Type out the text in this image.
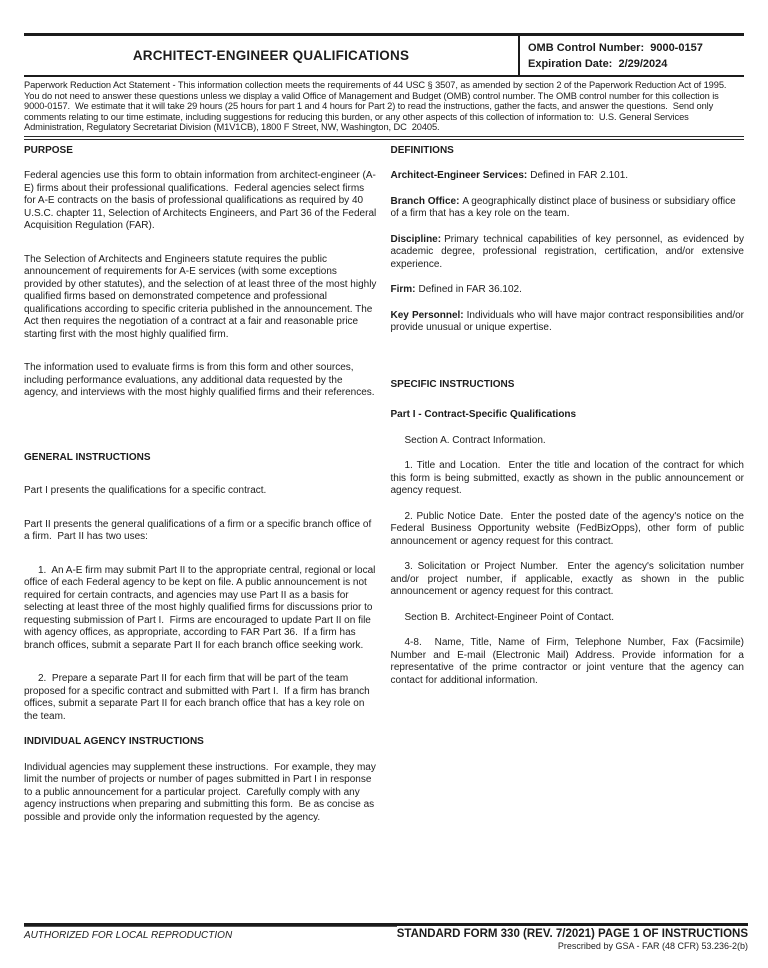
ARCHITECT-ENGINEER QUALIFICATIONS
OMB Control Number:  9000-0157
Expiration Date:  2/29/2024
Paperwork Reduction Act Statement - This information collection meets the requirements of 44 USC § 3507, as amended by section 2 of the Paperwork Reduction Act of 1995.  You do not need to answer these questions unless we display a valid Office of Management and Budget (OMB) control number. The OMB control number for this collection is 9000-0157.  We estimate that it will take 29 hours (25 hours for part 1 and 4 hours for Part 2) to read the instructions, gather the facts, and answer the questions.  Send only comments relating to our time estimate, including suggestions for reducing this burden, or any other aspects of this collection of information to:  U.S. General Services Administration, Regulatory Secretariat Division (M1V1CB), 1800 F Street, NW, Washington, DC  20405.
PURPOSE

Federal agencies use this form to obtain information from architect-engineer (A-E) firms about their professional qualifications.  Federal agencies select firms for A-E contracts on the basis of professional qualifications as required by 40 U.S.C. chapter 11, Selection of Architects Engineers, and Part 36 of the Federal Acquisition Regulation (FAR).

The Selection of Architects and Engineers statute requires the public announcement of requirements for A-E services (with some exceptions provided by other statutes), and the selection of at least three of the most highly qualified firms based on demonstrated competence and professional qualifications according to specific criteria published in the announcement. The Act then requires the negotiation of a contract at a fair and reasonable price starting first with the most highly qualified firm.

The information used to evaluate firms is from this form and other sources, including performance evaluations, any additional data requested by the agency, and interviews with the most highly qualified firms and their references.

GENERAL INSTRUCTIONS

Part I presents the qualifications for a specific contract.

Part II presents the general qualifications of a firm or a specific branch office of a firm.  Part II has two uses:

1.  An A-E firm may submit Part II to the appropriate central, regional or local office of each Federal agency to be kept on file. A public announcement is not required for certain contracts, and agencies may use Part II as a basis for selecting at least three of the most highly qualified firms for discussions prior to requesting submission of Part I.  Firms are encouraged to update Part II on file with agency offices, as appropriate, according to FAR Part 36.  If a firm has branch offices, submit a separate Part II for each branch office seeking work.

2.  Prepare a separate Part II for each firm that will be part of the team proposed for a specific contract and submitted with Part I.  If a firm has branch offices, submit a separate Part II for each branch office that has a key role on the team.

INDIVIDUAL AGENCY INSTRUCTIONS

Individual agencies may supplement these instructions.  For example, they may limit the number of projects or number of pages submitted in Part I in response to a public announcement for a particular project.  Carefully comply with any agency instructions when preparing and submitting this form.  Be as concise as possible and provide only the information requested by the agency.

DEFINITIONS

Architect-Engineer Services: Defined in FAR 2.101.

Branch Office: A geographically distinct place of business or subsidiary office of a firm that has a key role on the team.

Discipline: Primary technical capabilities of key personnel, as evidenced by academic degree, professional registration, certification, and/or extensive experience.

Firm: Defined in FAR 36.102.

Key Personnel: Individuals who will have major contract responsibilities and/or provide unusual or unique expertise.

SPECIFIC INSTRUCTIONS
Part I - Contract-Specific Qualifications

Section A. Contract Information.

1. Title and Location.  Enter the title and location of the contract for which this form is being submitted, exactly as shown in the public announcement or agency request.

2. Public Notice Date.  Enter the posted date of the agency's notice on the Federal Business Opportunity website (FedBizOpps), other form of public announcement or agency request for this contract.

3. Solicitation or Project Number.  Enter the agency's solicitation number and/or project number, if applicable, exactly as shown in the public announcement or agency request for this contract.

Section B.  Architect-Engineer Point of Contact.

4-8.  Name, Title, Name of Firm, Telephone Number, Fax (Facsimile) Number and E-mail (Electronic Mail) Address. Provide information for a representative of the prime contractor or joint venture that the agency can contact for additional information.

AUTHORIZED FOR LOCAL REPRODUCTION	STANDARD FORM 330 (REV. 7/2021) PAGE 1 OF INSTRUCTIONS
Prescribed by GSA - FAR (48 CFR) 53.236-2(b)
